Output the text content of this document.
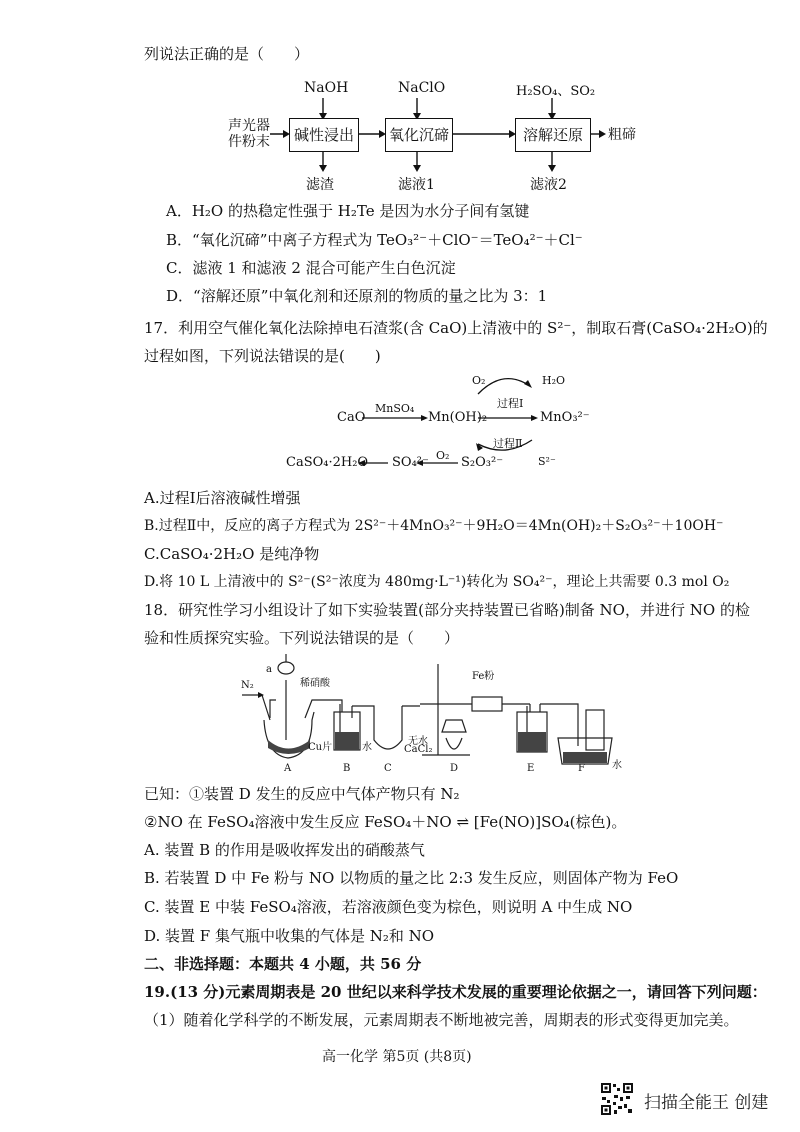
列说法正确的是（　　）
NaOH	NaClO	H₂SO₄、SO₂
声光器件粉末	碱性浸出	氧化沉碲	溶解还原	粗碲
滤渣	滤液1	滤液2
A．H₂O 的热稳定性强于 H₂Te 是因为水分子间有氢键
B．“氧化沉碲”中离子方程式为 TeO₃²⁻＋ClO⁻＝TeO₄²⁻＋Cl⁻
C．滤液 1 和滤液 2 混合可能产生白色沉淀
D．“溶解还原”中氧化剂和还原剂的物质的量之比为 3：1
17．利用空气催化氧化法除掉电石渣浆(含 CaO)上清液中的 S²⁻，制取石膏(CaSO₄·2H₂O)的
过程如图，下列说法错误的是(　　)
CaO
MnSO₄
Mn(OH)₂	MnO₃²⁻
O₂	H₂O
过程Ⅰ
过程Ⅱ
CaSO₄·2H₂O SO₄²⁻ O₂ S₂O₃²⁻	S²⁻
A.过程Ⅰ后溶液碱性增强
B.过程Ⅱ中，反应的离子方程式为 2S²⁻＋4MnO₃²⁻＋9H₂O＝4Mn(OH)₂＋S₂O₃²⁻＋10OH⁻
C.CaSO₄·2H₂O 是纯净物
D.将 10 L 上清液中的 S²⁻(S²⁻浓度为 480mg·L⁻¹)转化为 SO₄²⁻，理论上共需要 0.3 mol O₂
18．研究性学习小组设计了如下实验装置(部分夹持装置已省略)制备 NO，并进行 NO 的检
验和性质探究实验。下列说法错误的是（　　）
N₂
a
稀硝酸
Cu片	水
无水
CaCl₂
Fe粉
水
A	B	C	D	E	F
已知：①装置 D 发生的反应中气体产物只有 N₂
②NO 在 FeSO₄溶液中发生反应 FeSO₄＋NO ⇌ [Fe(NO)]SO₄(棕色)。
A. 装置 B 的作用是吸收挥发出的硝酸蒸气
B. 若装置 D 中 Fe 粉与 NO 以物质的量之比 2:3 发生反应，则固体产物为 FeO
C. 装置 E 中装 FeSO₄溶液，若溶液颜色变为棕色，则说明 A 中生成 NO
D. 装置 F 集气瓶中收集的气体是 N₂和 NO
二、非选择题：本题共 4 小题，共 56 分
19.(13 分)元素周期表是 20 世纪以来科学技术发展的重要理论依据之一，请回答下列问题：
（1）随着化学科学的不断发展，元素周期表不断地被完善，周期表的形式变得更加完美。
高一化学 第5页 (共8页)
扫描全能王 创建
